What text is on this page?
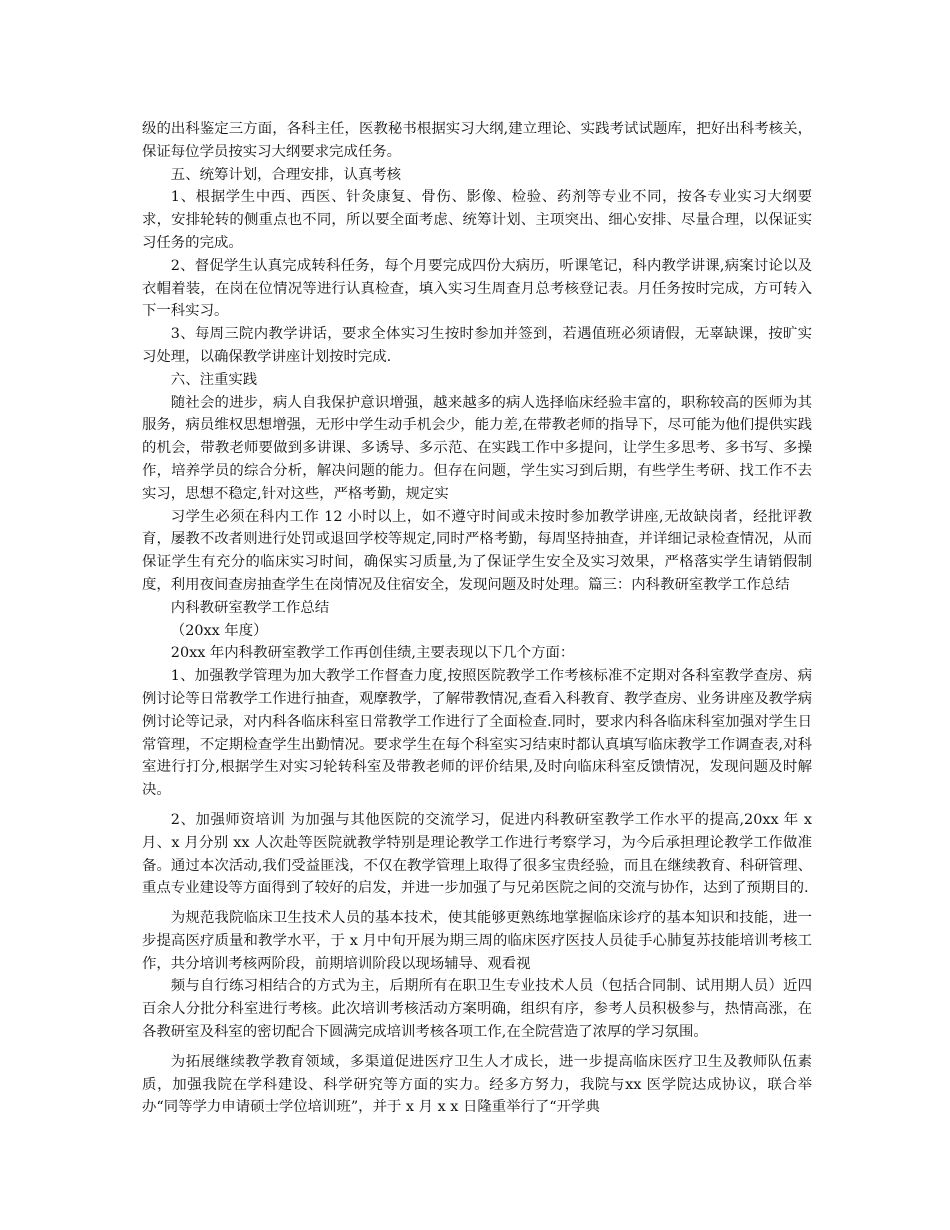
级的出科鉴定三方面，各科主任，医教秘书根据实习大纲,建立理论、实践考试试题库，把好出科考核关，保证每位学员按实习大纲要求完成任务。

五、统筹计划，合理安排，认真考核

1、根据学生中西、西医、针灸康复、骨伤、影像、检验、药剂等专业不同，按各专业实习大纲要求，安排轮转的侧重点也不同，所以要全面考虑、统筹计划、主项突出、细心安排、尽量合理，以保证实习任务的完成。

2、督促学生认真完成转科任务，每个月要完成四份大病历，听课笔记，科内教学讲课,病案讨论以及衣帽着装，在岗在位情况等进行认真检查，填入实习生周查月总考核登记表。月任务按时完成，方可转入下一科实习。

3、每周三院内教学讲话，要求全体实习生按时参加并签到，若遇值班必须请假，无辜缺课，按旷实习处理，以确保教学讲座计划按时完成.

六、注重实践

随社会的进步，病人自我保护意识增强，越来越多的病人选择临床经验丰富的，职称较高的医师为其服务，病员维权思想增强，无形中学生动手机会少，能力差,在带教老师的指导下，尽可能为他们提供实践的机会，带教老师要做到多讲课、多诱导、多示范、在实践工作中多提问，让学生多思考、多书写、多操作，培养学员的综合分析，解决问题的能力。但存在问题，学生实习到后期，有些学生考研、找工作不去实习，思想不稳定,针对这些，严格考勤，规定实

习学生必须在科内工作 12 小时以上，如不遵守时间或未按时参加教学讲座,无故缺岗者，经批评教育，屡教不改者则进行处罚或退回学校等规定,同时严格考勤，每周坚持抽查，并详细记录检查情况，从而保证学生有充分的临床实习时间，确保实习质量,为了保证学生安全及实习效果，严格落实学生请销假制度，利用夜间查房抽查学生在岗情况及住宿安全，发现问题及时处理。篇三：内科教研室教学工作总结

内科教研室教学工作总结

（20xx 年度）

20xx 年内科教研室教学工作再创佳绩,主要表现以下几个方面：

1、加强教学管理为加大教学工作督查力度,按照医院教学工作考核标准不定期对各科室教学查房、病例讨论等日常教学工作进行抽查，观摩教学，了解带教情况,查看入科教育、教学查房、业务讲座及教学病例讨论等记录，对内科各临床科室日常教学工作进行了全面检查.同时，要求内科各临床科室加强对学生日常管理，不定期检查学生出勤情况。要求学生在每个科室实习结束时都认真填写临床教学工作调查表,对科室进行打分,根据学生对实习轮转科室及带教老师的评价结果,及时向临床科室反馈情况，发现问题及时解决。

2、加强师资培训 为加强与其他医院的交流学习，促进内科教研室教学工作水平的提高,20xx 年 x 月、x 月分别 xx 人次赴等医院就教学特别是理论教学工作进行考察学习，为今后承担理论教学工作做准备。通过本次活动,我们受益匪浅，不仅在教学管理上取得了很多宝贵经验，而且在继续教育、科研管理、重点专业建设等方面得到了较好的启发，并进一步加强了与兄弟医院之间的交流与协作，达到了预期目的.

为规范我院临床卫生技术人员的基本技术，使其能够更熟练地掌握临床诊疗的基本知识和技能，进一步提高医疗质量和教学水平，于 x 月中旬开展为期三周的临床医疗医技人员徒手心肺复苏技能培训考核工作，共分培训考核两阶段，前期培训阶段以现场辅导、观看视

频与自行练习相结合的方式为主，后期所有在职卫生专业技术人员（包括合同制、试用期人员）近四百余人分批分科室进行考核。此次培训考核活动方案明确，组织有序，参考人员积极参与，热情高涨，在各教研室及科室的密切配合下圆满完成培训考核各项工作,在全院营造了浓厚的学习氛围。

为拓展继续教学教育领域，多渠道促进医疗卫生人才成长，进一步提高临床医疗卫生及教师队伍素质，加强我院在学科建设、科学研究等方面的实力。经多方努力，我院与xx 医学院达成协议，联合举办“同等学力申请硕士学位培训班”，并于 x 月 x x 日隆重举行了“开学典
